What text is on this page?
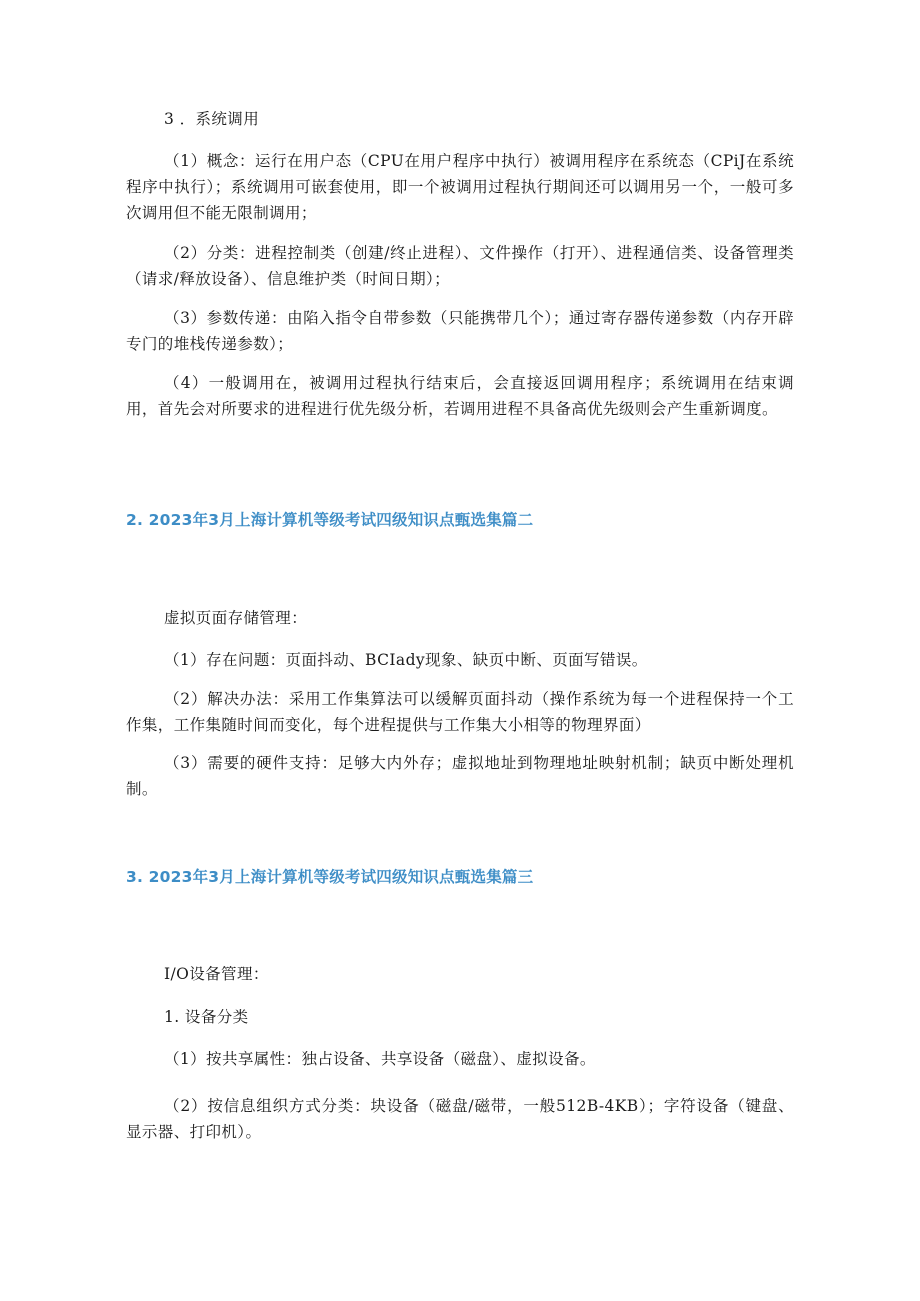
3 ．系统调用
（1）概念：运行在用户态（CPU在用户程序中执行）被调用程序在系统态（CPiJ在系统程序中执行）；系统调用可嵌套使用，即一个被调用过程执行期间还可以调用另一个，一般可多次调用但不能无限制调用；
（2）分类：进程控制类（创建/终止进程）、文件操作（打开）、进程通信类、设备管理类（请求/释放设备）、信息维护类（时间日期）；
（3）参数传递：由陷入指令自带参数（只能携带几个）；通过寄存器传递参数（内存开辟专门的堆栈传递参数）；
（4）一般调用在，被调用过程执行结束后，会直接返回调用程序；系统调用在结束调用，首先会对所要求的进程进行优先级分析，若调用进程不具备高优先级则会产生重新调度。
2. 2023年3月上海计算机等级考试四级知识点甄选集篇二
虚拟页面存储管理：
（1）存在问题：页面抖动、BCIady现象、缺页中断、页面写错误。
（2）解决办法：采用工作集算法可以缓解页面抖动（操作系统为每一个进程保持一个工作集，工作集随时间而变化，每个进程提供与工作集大小相等的物理界面）
（3）需要的硬件支持：足够大内外存；虚拟地址到物理地址映射机制；缺页中断处理机制。
3. 2023年3月上海计算机等级考试四级知识点甄选集篇三
I/O设备管理：
1. 设备分类
（1）按共享属性：独占设备、共享设备（磁盘）、虚拟设备。
（2）按信息组织方式分类：块设备（磁盘/磁带，一般512B-4KB）；字符设备（键盘、显示器、打印机）。
